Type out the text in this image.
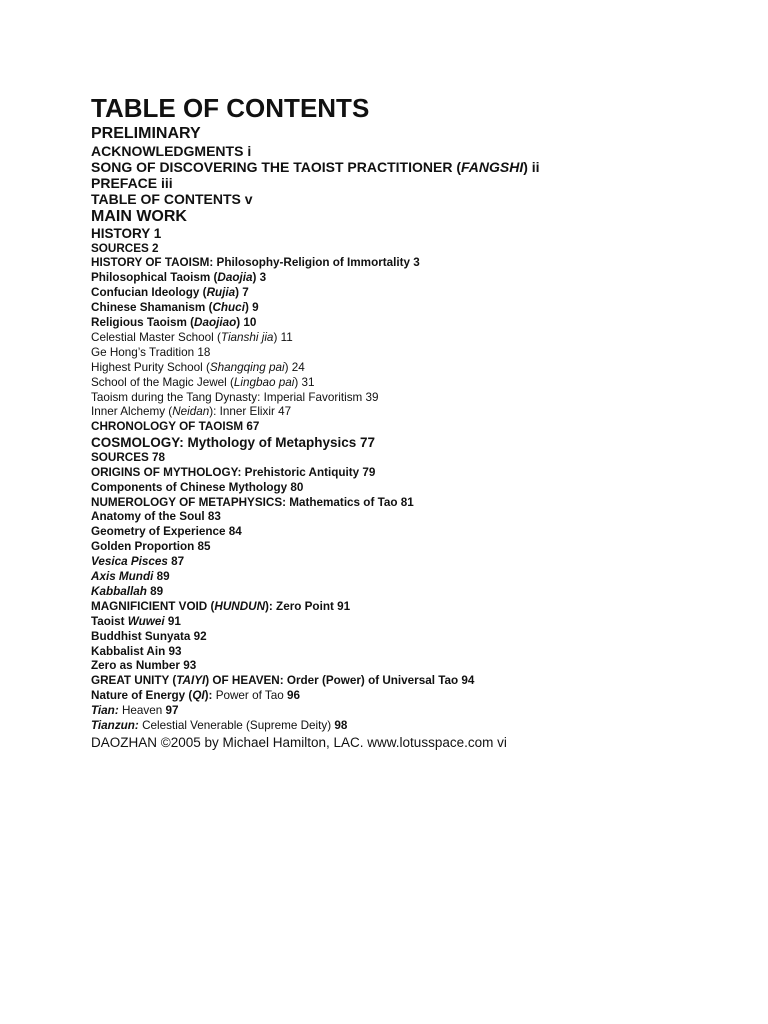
TABLE OF CONTENTS
PRELIMINARY
ACKNOWLEDGMENTS i
SONG OF DISCOVERING THE TAOIST PRACTITIONER (FANGSHI) ii
PREFACE iii
TABLE OF CONTENTS v
MAIN WORK
HISTORY 1
SOURCES 2
HISTORY OF TAOISM: Philosophy-Religion of Immortality 3
Philosophical Taoism (Daojia) 3
Confucian Ideology (Rujia) 7
Chinese Shamanism (Chuci) 9
Religious Taoism (Daojiao) 10
Celestial Master School (Tianshi jia) 11
Ge Hong’s Tradition 18
Highest Purity School (Shangqing pai) 24
School of the Magic Jewel (Lingbao pai) 31
Taoism during the Tang Dynasty: Imperial Favoritism 39
Inner Alchemy (Neidan): Inner Elixir 47
CHRONOLOGY OF TAOISM 67
COSMOLOGY: Mythology of Metaphysics 77
SOURCES 78
ORIGINS OF MYTHOLOGY: Prehistoric Antiquity 79
Components of Chinese Mythology 80
NUMEROLOGY OF METAPHYSICS: Mathematics of Tao 81
Anatomy of the Soul 83
Geometry of Experience 84
Golden Proportion 85
Vesica Pisces 87
Axis Mundi 89
Kabballah 89
MAGNIFICIENT VOID (HUNDUN): Zero Point 91
Taoist Wuwei 91
Buddhist Sunyata 92
Kabbalist Ain 93
Zero as Number 93
GREAT UNITY (TAIYI) OF HEAVEN: Order (Power) of Universal Tao 94
Nature of Energy (QI): Power of Tao 96
Tian: Heaven 97
Tianzun: Celestial Venerable (Supreme Deity) 98
DAOZHAN ©2005 by Michael Hamilton, LAC. www.lotusspace.com vi
